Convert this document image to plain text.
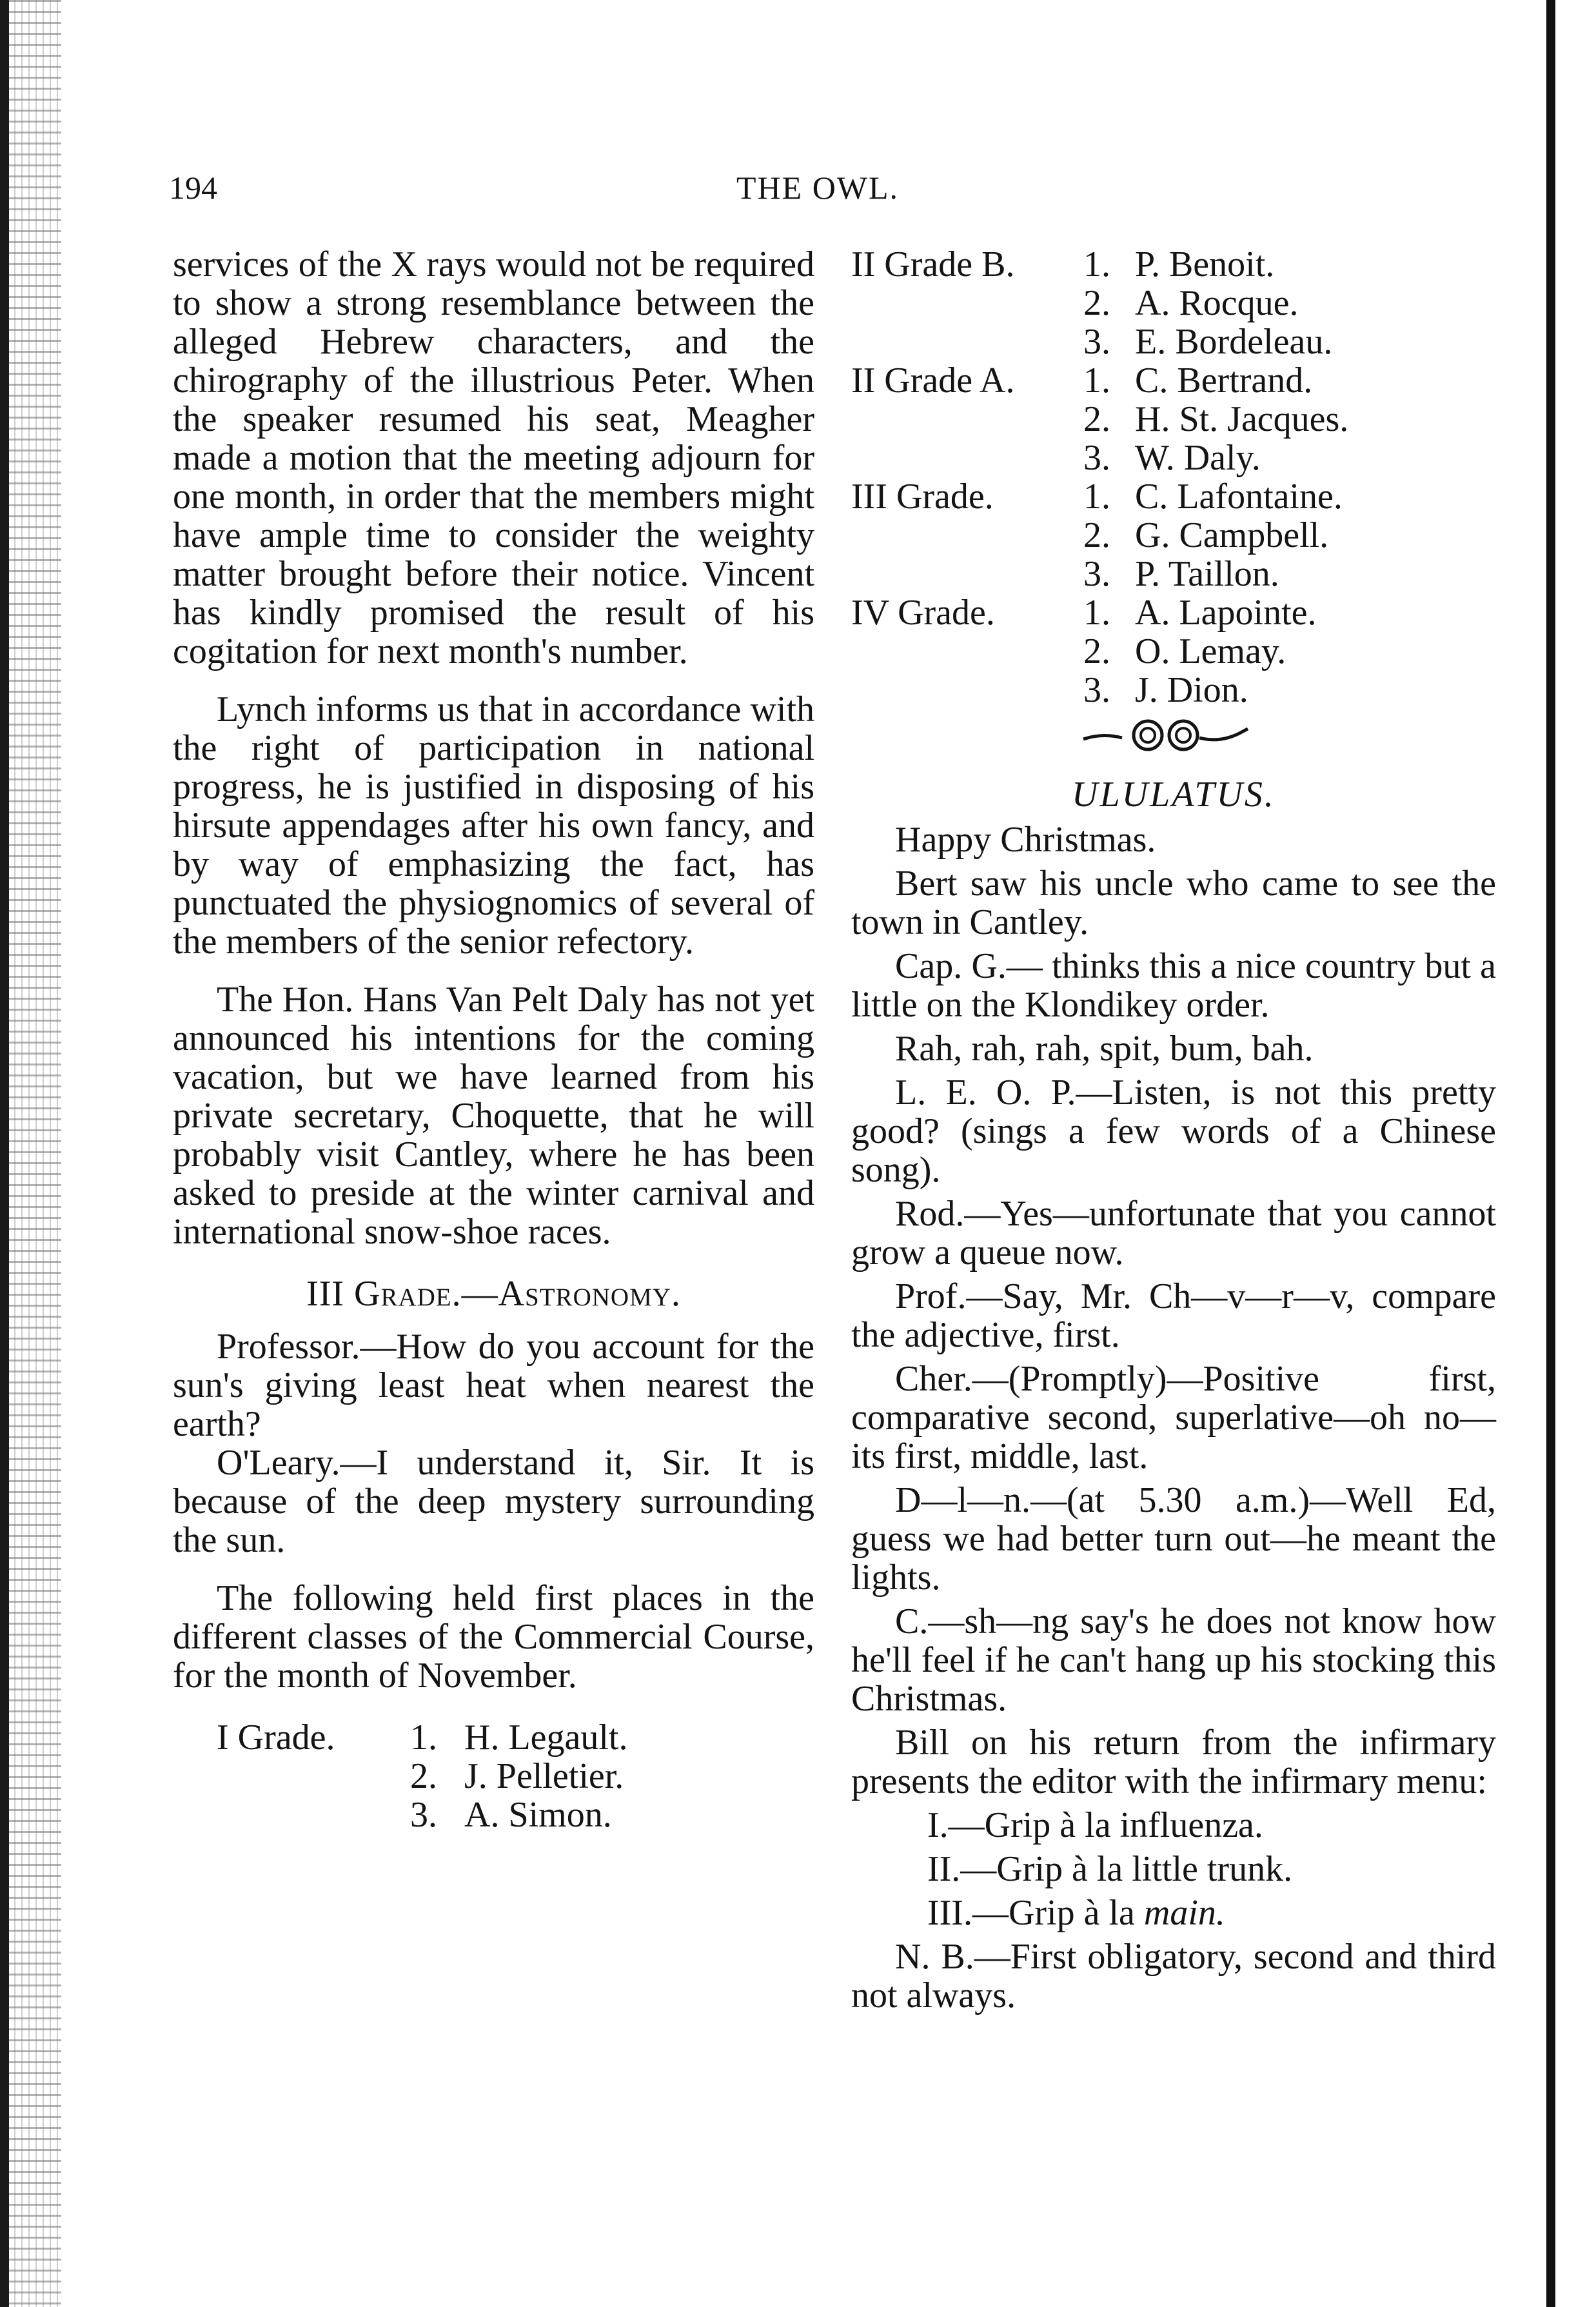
194	THE OWL.

services of the X rays would not be required to show a strong resemblance between the alleged Hebrew characters, and the chirography of the illustrious Peter. When the speaker resumed his seat, Meagher made a motion that the meeting adjourn for one month, in order that the members might have ample time to consider the weighty matter brought before their notice. Vincent has kindly promised the result of his cogitation for next month's number.

Lynch informs us that in accordance with the right of participation in national progress, he is justified in disposing of his hirsute appendages after his own fancy, and by way of emphasizing the fact, has punctuated the physiognomics of several of the members of the senior refectory.

The Hon. Hans Van Pelt Daly has not yet announced his intentions for the coming vacation, but we have learned from his private secretary, Choquette, that he will probably visit Cantley, where he has been asked to preside at the winter carnival and international snow-shoe races.

III Grade.—Astronomy.

Professor.—How do you account for the sun's giving least heat when nearest the earth?

O'Leary.—I understand it, Sir. It is because of the deep mystery surrounding the sun.

The following held first places in the different classes of the Commercial Course, for the month of November.

I Grade.	1. H. Legault.
2. J. Pelletier.
3. A. Simon.
II Grade B.	1. P. Benoit.
2. A. Rocque.
3. E. Bordeleau.
II Grade A.	1. C. Bertrand.
2. H. St. Jacques.
3. W. Daly.
III Grade.	1. C. Lafontaine.
2. G. Campbell.
3. P. Taillon.
IV Grade.	1. A. Lapointe.
2. O. Lemay.
3. J. Dion.

ULULATUS.

Happy Christmas.

Bert saw his uncle who came to see the town in Cantley.

Cap. G.— thinks this a nice country but a little on the Klondikey order.

Rah, rah, rah, spit, bum, bah.

L. E. O. P.—Listen, is not this pretty good? (sings a few words of a Chinese song).

Rod.—Yes—unfortunate that you cannot grow a queue now.

Prof.—Say, Mr. Ch—v—r—v, compare the adjective, first.

Cher.—(Promptly)—Positive first, comparative second, superlative—oh no—its first, middle, last.

D—l—n.—(at 5.30 a.m.)—Well Ed, guess we had better turn out—he meant the lights.

C.—sh—ng say's he does not know how he'll feel if he can't hang up his stocking this Christmas.

Bill on his return from the infirmary presents the editor with the infirmary menu:

I.—Grip à la influenza.

II.—Grip à la little trunk.

III.—Grip à la main.

N. B.—First obligatory, second and third not always.
